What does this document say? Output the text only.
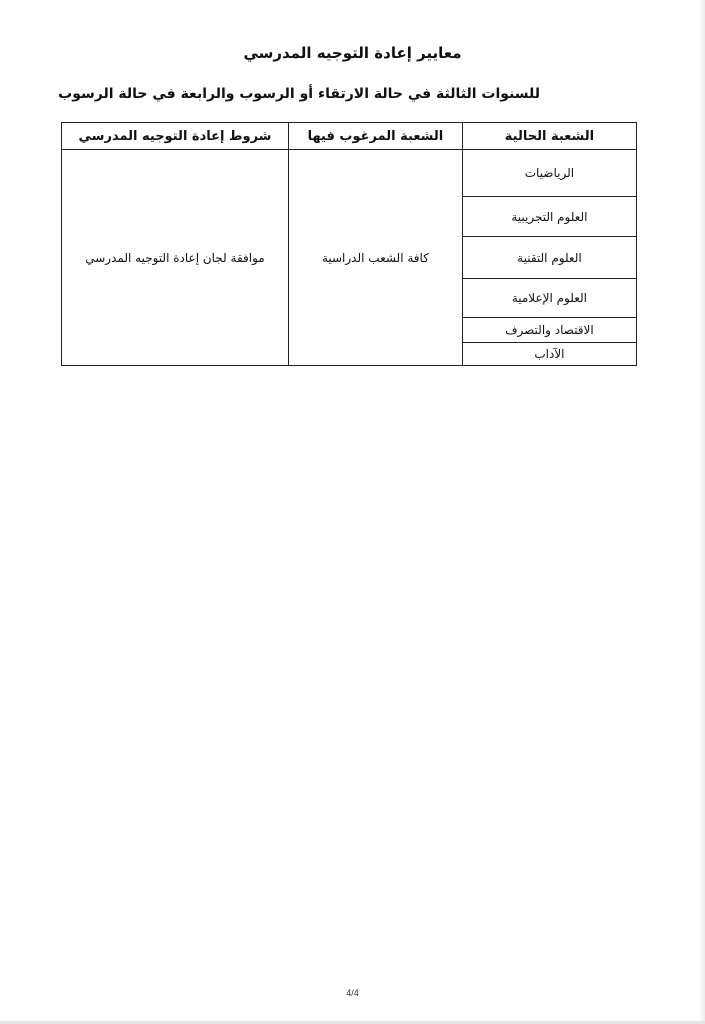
معايير إعادة التوجيه المدرسي
للسنوات الثالثة في حالة الارتقاء أو الرسوب والرابعة في حالة الرسوب
الشعبة الحالية	الشعبة المرغوب فيها	شروط إعادة التوجيه المدرسي
الرياضيات	كافة الشعب الدراسية	موافقة لجان إعادة التوجيه المدرسي
العلوم التجريبية		
العلوم التقنية		
العلوم الإعلامية		
الاقتصاد والتصرف		
الآداب		
4/4
